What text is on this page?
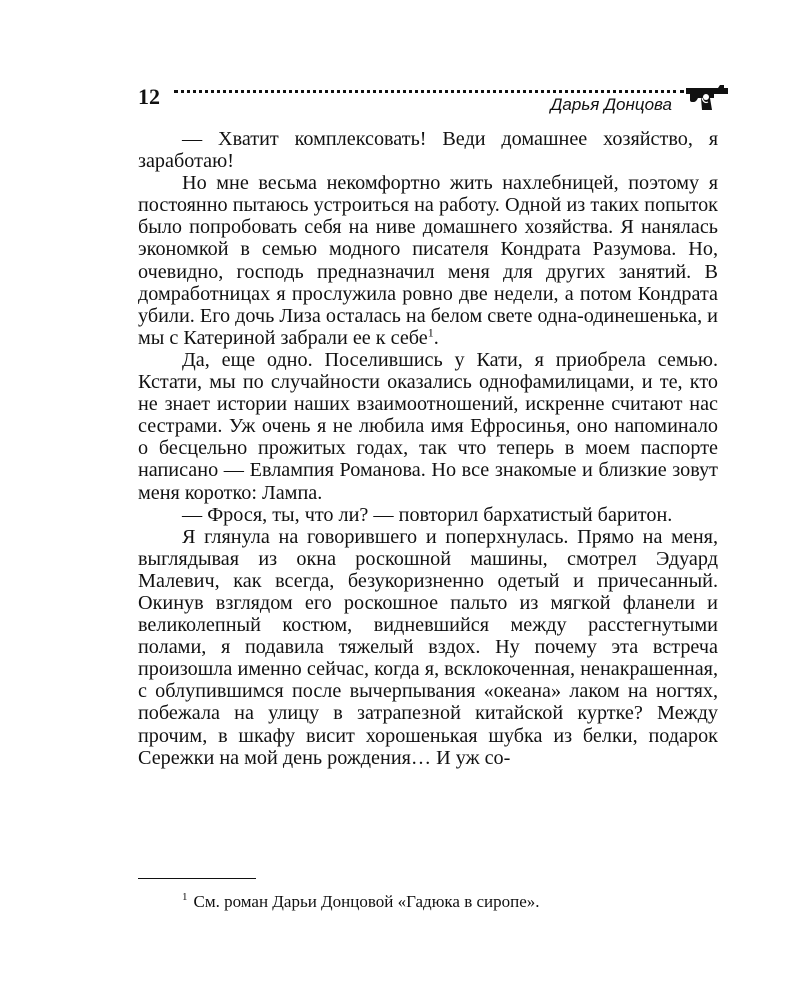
12	Дарья Донцова

— Хватит комплексовать! Веди домашнее хозяйство, я заработаю!

Но мне весьма некомфортно жить нахлебницей, поэтому я постоянно пытаюсь устроиться на работу. Одной из таких попыток было попробовать себя на ниве домашнего хозяйства. Я нанялась экономкой в семью модного писателя Кондрата Разумова. Но, очевидно, господь предназначил меня для других занятий. В домработницах я прослужила ровно две недели, а потом Кондрата убили. Его дочь Лиза осталась на белом свете одна-одинешенька, и мы с Катериной забрали ее к себе$^1$.

Да, еще одно. Поселившись у Кати, я приобрела семью. Кстати, мы по случайности оказались однофамилицами, и те, кто не знает истории наших взаимоотношений, искренне считают нас сестрами. Уж очень я не любила имя Ефросинья, оно напоминало о бесцельно прожитых годах, так что теперь в моем паспорте написано — Евлампия Романова. Но все знакомые и близкие зовут меня коротко: Лампа.

— Фрося, ты, что ли? — повторил бархатистый баритон.

Я глянула на говорившего и поперхнулась. Прямо на меня, выглядывая из окна роскошной машины, смотрел Эдуард Малевич, как всегда, безукоризненно одетый и причесанный. Окинув взглядом его роскошное пальто из мягкой фланели и великолепный костюм, видневшийся между расстегнутыми полами, я подавила тяжелый вздох. Ну почему эта встреча произошла именно сейчас, когда я, всклокоченная, ненакрашенная, с облупившимся после вычерпывания «океана» лаком на ногтях, побежала на улицу в затрапезной китайской куртке? Между прочим, в шкафу висит хорошенькая шубка из белки, подарок Сережки на мой день рождения… И уж со-

$^1$ См. роман Дарьи Донцовой «Гадюка в сиропе».
